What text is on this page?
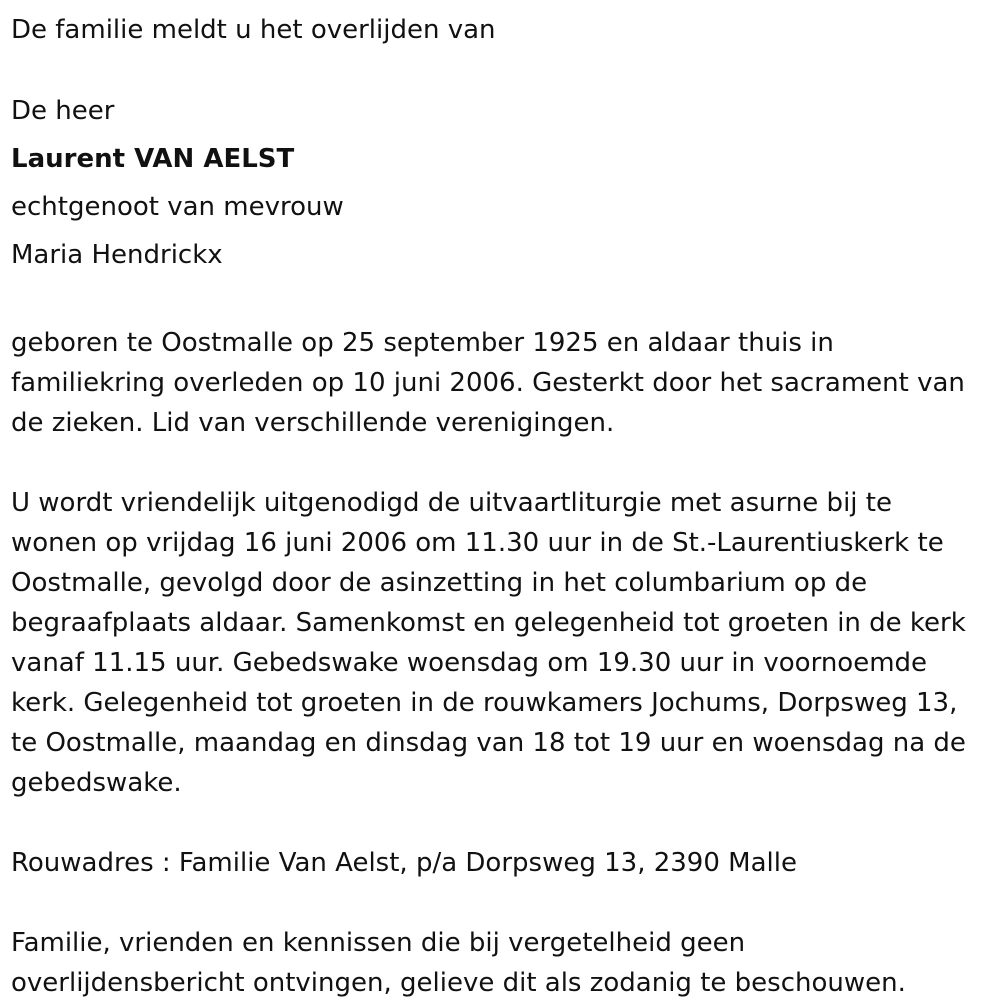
De familie meldt u het overlijden van

De heer

Laurent VAN AELST

echtgenoot van mevrouw

Maria Hendrickx

geboren te Oostmalle op 25 september 1925 en aldaar thuis in
familiekring overleden op 10 juni 2006. Gesterkt door het sacrament van
de zieken. Lid van verschillende verenigingen.
U wordt vriendelijk uitgenodigd de uitvaartliturgie met asurne bij te
wonen op vrijdag 16 juni 2006 om 11.30 uur in de St.-Laurentiuskerk te
Oostmalle, gevolgd door de asinzetting in het columbarium op de
begraafplaats aldaar. Samenkomst en gelegenheid tot groeten in de kerk
vanaf 11.15 uur. Gebedswake woensdag om 19.30 uur in voornoemde
kerk. Gelegenheid tot groeten in de rouwkamers Jochums, Dorpsweg 13,
te Oostmalle, maandag en dinsdag van 18 tot 19 uur en woensdag na de
gebedswake.

Rouwadres : Familie Van Aelst, p/a Dorpsweg 13, 2390 Malle

Familie, vrienden en kennissen die bij vergetelheid geen
overlijdensbericht ontvingen, gelieve dit als zodanig te beschouwen.
